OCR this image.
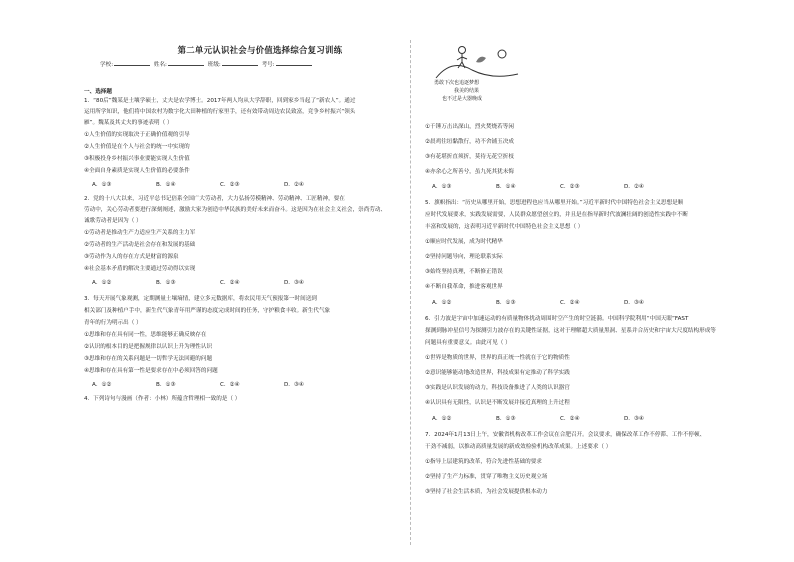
第二单元认识社会与价值选择综合复习训练
学校:	姓名:	班级:	考号:
一、选择题
1．“80后”魏某是土壤学硕士，丈夫是农学博士。2017年两人均从大学辞职，回到家乡当起了“新农人”。通过
运用所学知识，他们将中国农村为数字化大田种植的行家里手，还有效带动周边农民致富，竞争乡村振兴“领头
雁”。魏某及其丈夫的事迹表明（ ）
①人生价值的实现取决于正确价值观的引导
②人生价值是在个人与社会的统一中实现的
③积极投身乡村振兴事业要能实现人生价值
④全面自身素质是实现人生价值的必要条件
A．①③	B．①④	C．②③	D．②④
2．党的十八大以来，习近平总书记倍系全国广大劳动者，大力弘扬劳模精神、劳动精神、工匠精神，要在
劳动中，关心劳动者要进行深刻阐述，激励大家为创造中华民族的美好未来而奋斗。这是因为在社会主义社会，崇尚劳动、
诚歌劳动者是因为（ ）
①劳动者是推动生产力适应生产关系的主力军
②劳动者的生产活动是社会存在和发展的基础
③劳动作为人的存在方式是财富的源泉
④社会基本矛盾的解决主要通过劳动得以实现
A．①②	B．①③	C．②④	D．③④
3．每天开展气象观测，定期测量土壤墒情，建立多元数据库，将农民用天气预报第一时间送到
相关部门及种植户手中，新生代气象青年用严谨的态度完成时间的任务，守护粮食丰收。新生代气象
青年的行为明示出（ ）
①思维和存在具有同一性，思维能够正确反映存在
②认识的根本目的是把握规律以认识上升为理性认识
③思维和存在的关系问题是一切哲学无法回避的问题
④思维和存在具有第一性是要求存在中必须回答的问题
A．①②	B．①③	C．②④	D．③④
4．下列诗句与漫画（作者：小林）所蕴含哲理相一致的是（ ）
勇敢下次也追逐梦想
我美的结果
也不过是大器晚成
①千锤万击出深山，烈火焚烧若等闲
②晨鸡往垣黏散行，功不舍铺玉决成
③有花堪折直须折，莫待无花空折枝
④亦余心之所善兮，虽九死其犹未悔
A．①③	B．①④	C．②③	D．②④
5．旗帜指出：“历史从哪里开始，思想进程也应当从哪里开始。”习近平新时代中国特色社会主义思想是顺
应时代发展要求，实践发展需要，人民群众愿望创立的，并且是在指导新时代波澜壮阔的创造性实践中不断
丰富和发展的，这表明习近平新时代中国特色社会主义思想（ ）
①顺应时代发展，成为时代精华
②坚持问题导向，理论联系实际
③始终坚持真理，不断修正错误
④不断自我革命，推进客观世界
A．①②	B．①③	C．②④	D．③④
6．引力波是宇宙中加速运动的有质量物体扰动周围时空产生的时空涟漪。中国科学院利用“中国天眼”FAST
探测到脉冲星信号为探测引力波存在的关键性证据，这对于理解超大质量黑洞、星系并合历史和宇宙大尺度结构形成等
问题具有重要意义。由此可见（ ）
①世界是物质的世界，世界的真正统一性就在于它的物质性
②意识能够能动地改造世界，科技成果有定推动了科学实践
③实践是认识发展的动力，科技设备推进了人类的认识器官
④认识具有无限性，认识是不断发展并接近真理的上升过程
A．①②	B．①③	C．②④	D．③④
7．2024年1月13日上午，安徽省机构改革工作会议在合肥召开。会议要求，确保改革工作不停滞、工作不停顿、
干劲不减弱，以推动高质量发展的新成效检验机构改革成果。上述要求（ ）
①指导上层建筑的改革，符合先进性基础的要求
②坚持了生产力标准，贯穿了唯物主义历史观立场
③坚持了社会生活本质，为社会发展提供根本动力
